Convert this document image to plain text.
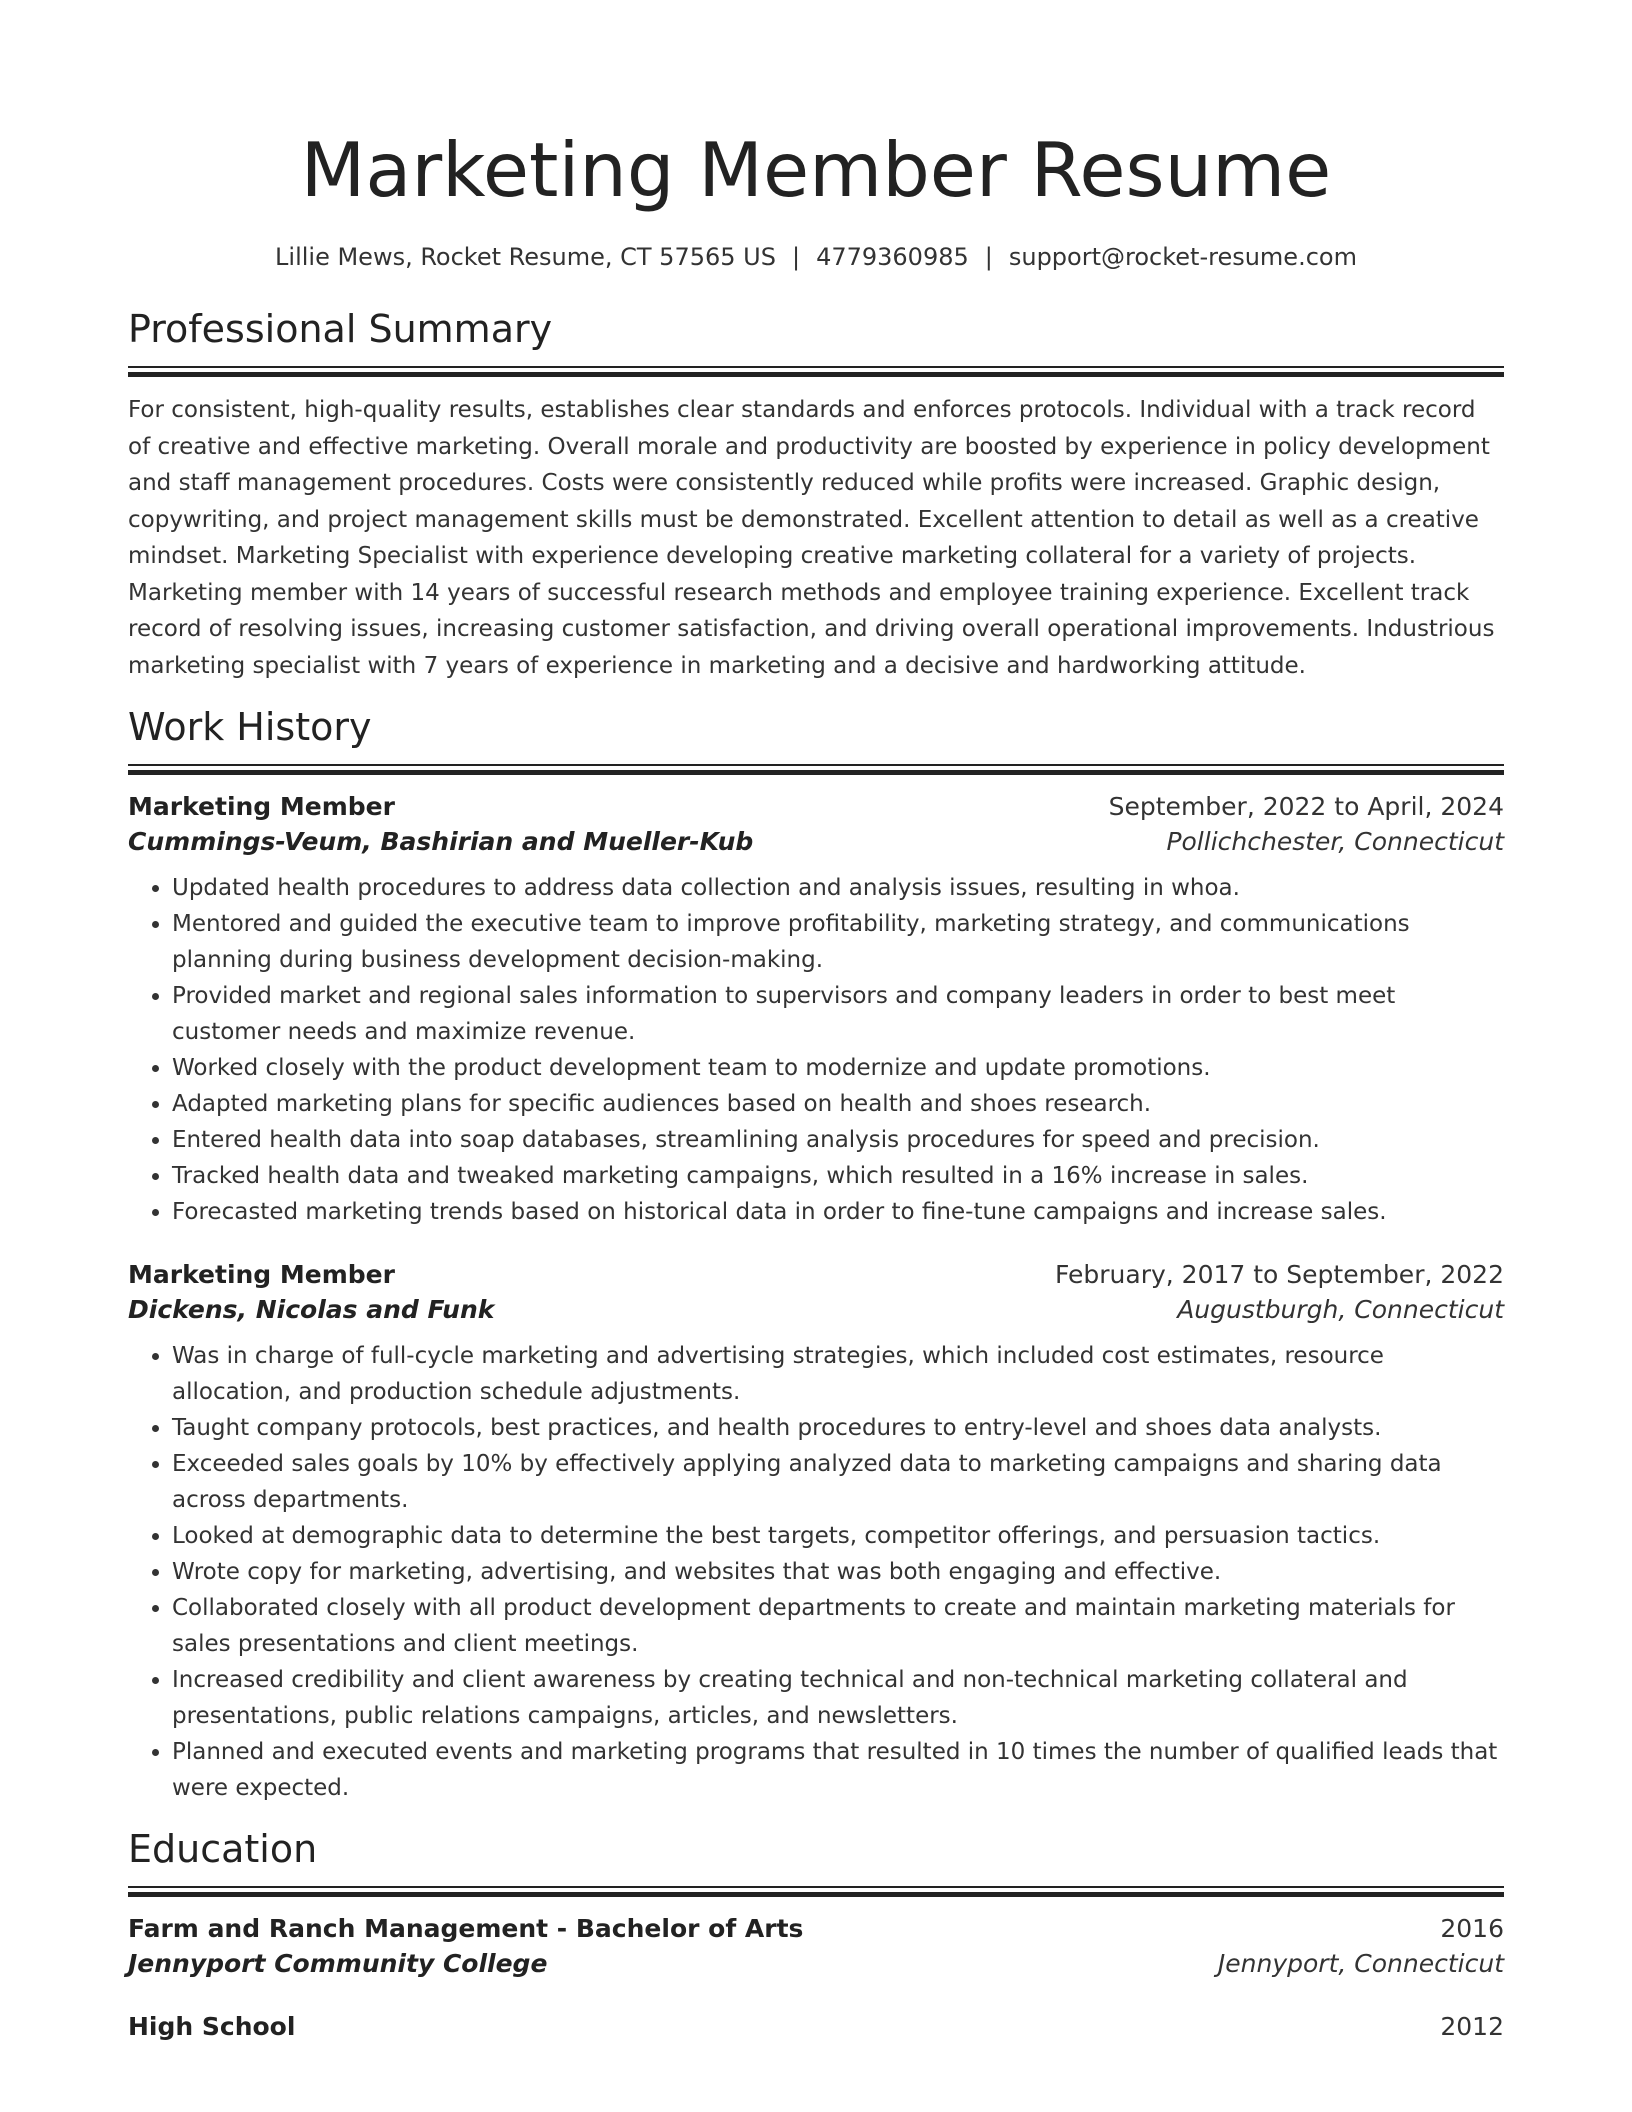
Marketing Member Resume
Lillie Mews, Rocket Resume, CT 57565 US | 4779360985 | support@rocket-resume.com
Professional Summary
For consistent, high-quality results, establishes clear standards and enforces protocols. Individual with a track record of creative and effective marketing. Overall morale and productivity are boosted by experience in policy development and staff management procedures. Costs were consistently reduced while profits were increased. Graphic design, copywriting, and project management skills must be demonstrated. Excellent attention to detail as well as a creative mindset. Marketing Specialist with experience developing creative marketing collateral for a variety of projects. Marketing member with 14 years of successful research methods and employee training experience. Excellent track record of resolving issues, increasing customer satisfaction, and driving overall operational improvements. Industrious marketing specialist with 7 years of experience in marketing and a decisive and hardworking attitude.
Work History
Marketing Member	September, 2022 to April, 2024
Cummings-Veum, Bashirian and Mueller-Kub	Pollichchester, Connecticut
• Updated health procedures to address data collection and analysis issues, resulting in whoa.
• Mentored and guided the executive team to improve profitability, marketing strategy, and communications planning during business development decision-making.
• Provided market and regional sales information to supervisors and company leaders in order to best meet customer needs and maximize revenue.
• Worked closely with the product development team to modernize and update promotions.
• Adapted marketing plans for specific audiences based on health and shoes research.
• Entered health data into soap databases, streamlining analysis procedures for speed and precision.
• Tracked health data and tweaked marketing campaigns, which resulted in a 16% increase in sales.
• Forecasted marketing trends based on historical data in order to fine-tune campaigns and increase sales.
Marketing Member	February, 2017 to September, 2022
Dickens, Nicolas and Funk	Augustburgh, Connecticut
• Was in charge of full-cycle marketing and advertising strategies, which included cost estimates, resource allocation, and production schedule adjustments.
• Taught company protocols, best practices, and health procedures to entry-level and shoes data analysts.
• Exceeded sales goals by 10% by effectively applying analyzed data to marketing campaigns and sharing data across departments.
• Looked at demographic data to determine the best targets, competitor offerings, and persuasion tactics.
• Wrote copy for marketing, advertising, and websites that was both engaging and effective.
• Collaborated closely with all product development departments to create and maintain marketing materials for sales presentations and client meetings.
• Increased credibility and client awareness by creating technical and non-technical marketing collateral and presentations, public relations campaigns, articles, and newsletters.
• Planned and executed events and marketing programs that resulted in 10 times the number of qualified leads that were expected.
Education
Farm and Ranch Management - Bachelor of Arts	2016
Jennyport Community College	Jennyport, Connecticut
High School	2012
